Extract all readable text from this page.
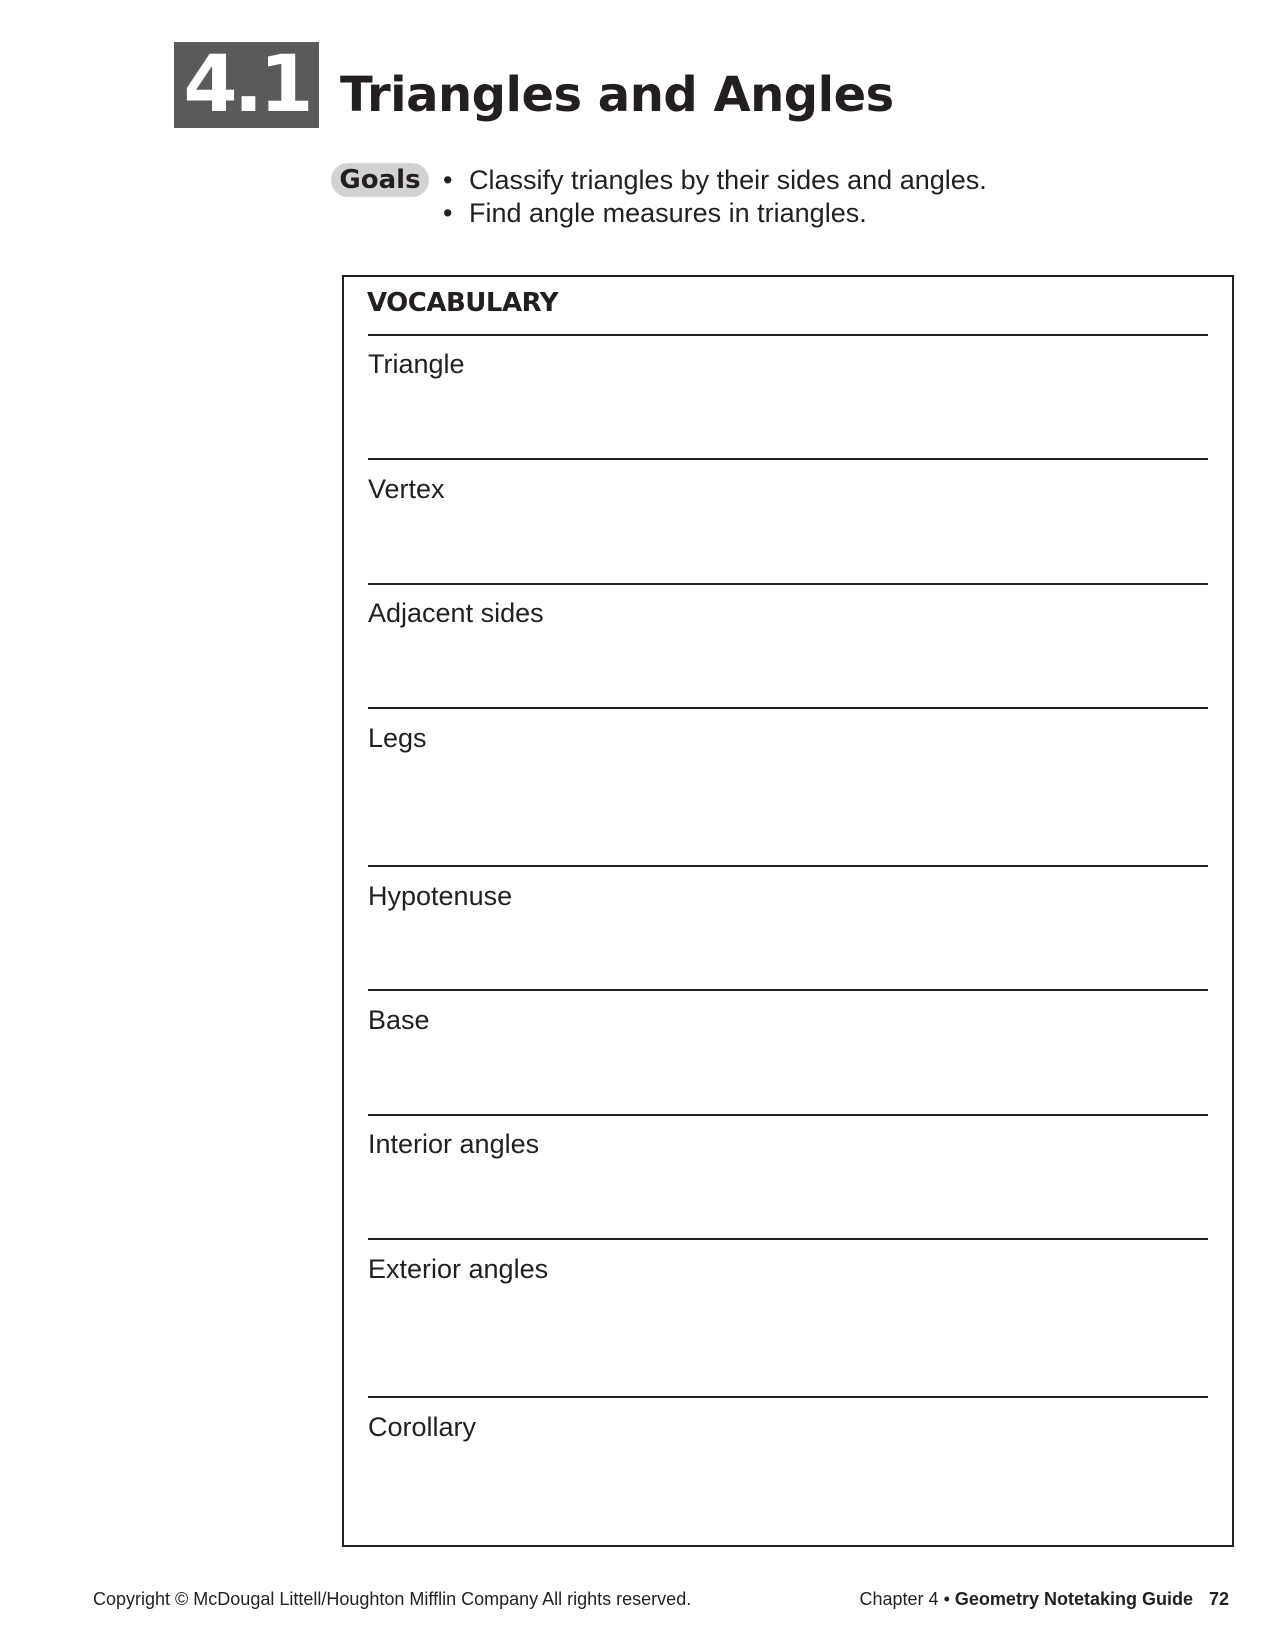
4.1 Triangles and Angles
Goals • Classify triangles by their sides and angles.
• Find angle measures in triangles.
VOCABULARY
Triangle
Vertex
Adjacent sides
Legs
Hypotenuse
Base
Interior angles
Exterior angles
Corollary
Copyright © McDougal Littell/Houghton Mifflin Company All rights reserved.	Chapter 4 • Geometry Notetaking Guide 72
